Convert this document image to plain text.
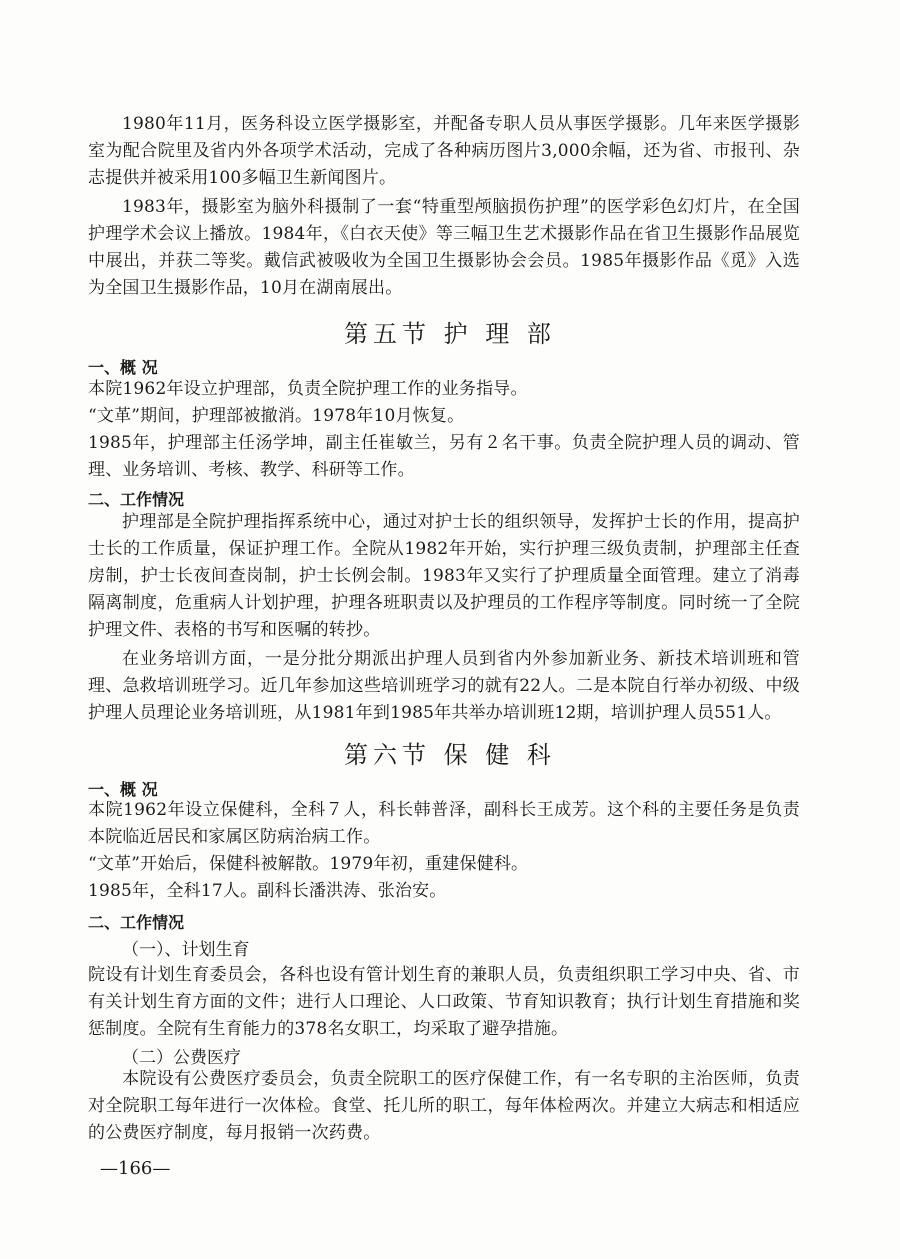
1980年11月，医务科设立医学摄影室，并配备专职人员从事医学摄影。几年来医学摄影室为配合院里及省内外各项学术活动，完成了各种病历图片3,000余幅，还为省、市报刊、杂志提供并被采用100多幅卫生新闻图片。

1983年，摄影室为脑外科摄制了一套“特重型颅脑损伤护理”的医学彩色幻灯片，在全国护理学术会议上播放。1984年，《白衣天使》等三幅卫生艺术摄影作品在省卫生摄影作品展览中展出，并获二等奖。戴信武被吸收为全国卫生摄影协会会员。1985年摄影作品《觅》入选为全国卫生摄影作品，10月在湖南展出。

第五节 护 理 部
一、概 况

本院1962年设立护理部，负责全院护理工作的业务指导。

“文革”期间，护理部被撤消。1978年10月恢复。

1985年，护理部主任汤学坤，副主任崔敏兰，另有２名干事。负责全院护理人员的调动、管理、业务培训、考核、教学、科研等工作。

二、工作情况

护理部是全院护理指挥系统中心，通过对护士长的组织领导，发挥护士长的作用，提高护士长的工作质量，保证护理工作。全院从1982年开始，实行护理三级负责制，护理部主任查房制，护士长夜间查岗制，护士长例会制。1983年又实行了护理质量全面管理。建立了消毒隔离制度，危重病人计划护理，护理各班职责以及护理员的工作程序等制度。同时统一了全院护理文件、表格的书写和医嘱的转抄。

在业务培训方面，一是分批分期派出护理人员到省内外参加新业务、新技术培训班和管理、急救培训班学习。近几年参加这些培训班学习的就有22人。二是本院自行举办初级、中级护理人员理论业务培训班，从1981年到1985年共举办培训班12期，培训护理人员551人。

第六节 保 健 科
一、概 况

本院1962年设立保健科，全科７人，科长韩普泽，副科长王成芳。这个科的主要任务是负责本院临近居民和家属区防病治病工作。

“文革”开始后，保健科被解散。1979年初，重建保健科。

1985年，全科17人。副科长潘洪涛、张治安。

二、工作情况
（一）、计划生育

院设有计划生育委员会，各科也设有管计划生育的兼职人员，负责组织职工学习中央、省、市有关计划生育方面的文件；进行人口理论、人口政策、节育知识教育；执行计划生育措施和奖惩制度。全院有生育能力的378名女职工，均采取了避孕措施。

（二）公费医疗

本院设有公费医疗委员会，负责全院职工的医疗保健工作，有一名专职的主治医师，负责对全院职工每年进行一次体检。食堂、托儿所的职工，每年体检两次。并建立大病志和相适应的公费医疗制度，每月报销一次药费。

—166—
